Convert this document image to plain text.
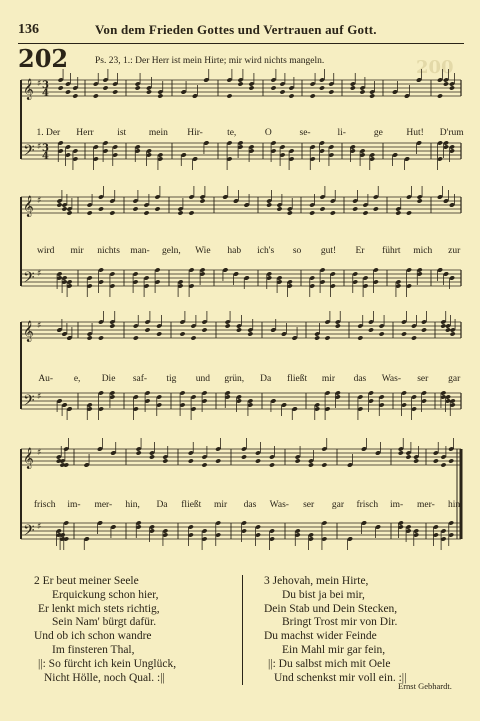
136	Von dem Frieden Gottes und Vertrauen auf Gott.
200
202	Ps. 23, 1.: Der Herr ist mein Hirte; mir wird nichts mangeln.
𝄞 ♯
𝄢 ♯
𝄞 ♯
𝄢 ♯
𝄞 ♯
𝄢 ♯
𝄞 ♯
𝄢 ♯
3
3
4
4
1. Der	Herr	ist	mein	Hir-	te,	O	se-	li-	ge	Hut!	D'rum
wird	mir	nichts	man-	geln,	Wie	hab	ich's	so	gut!	Er	führt	mich	zur
Au-	e,	Die	saf-	tig	und	grün,	Da	fließt	mir	das	Was-	ser	gar
frisch	im-	mer-	hin,	Da	fließt	mir	das	Was-	ser	gar	frisch	im-	mer-	hin.
2 Er beut meiner Seele
Erquickung schon hier,
Er lenkt mich stets richtig,
Sein Nam' bürgt dafür.
Und ob ich schon wandre
Im finsteren Thal,
||: So fürcht ich kein Unglück,
Nicht Hölle, noch Qual. :||
3 Jehovah, mein Hirte,
Du bist ja bei mir,
Dein Stab und Dein Stecken,
Bringt Trost mir von Dir.
Du machst wider Feinde
Ein Mahl mir gar fein,
||: Du salbst mich mit Oele
Und schenkst mir voll ein. :||
Ernst Gebhardt.
